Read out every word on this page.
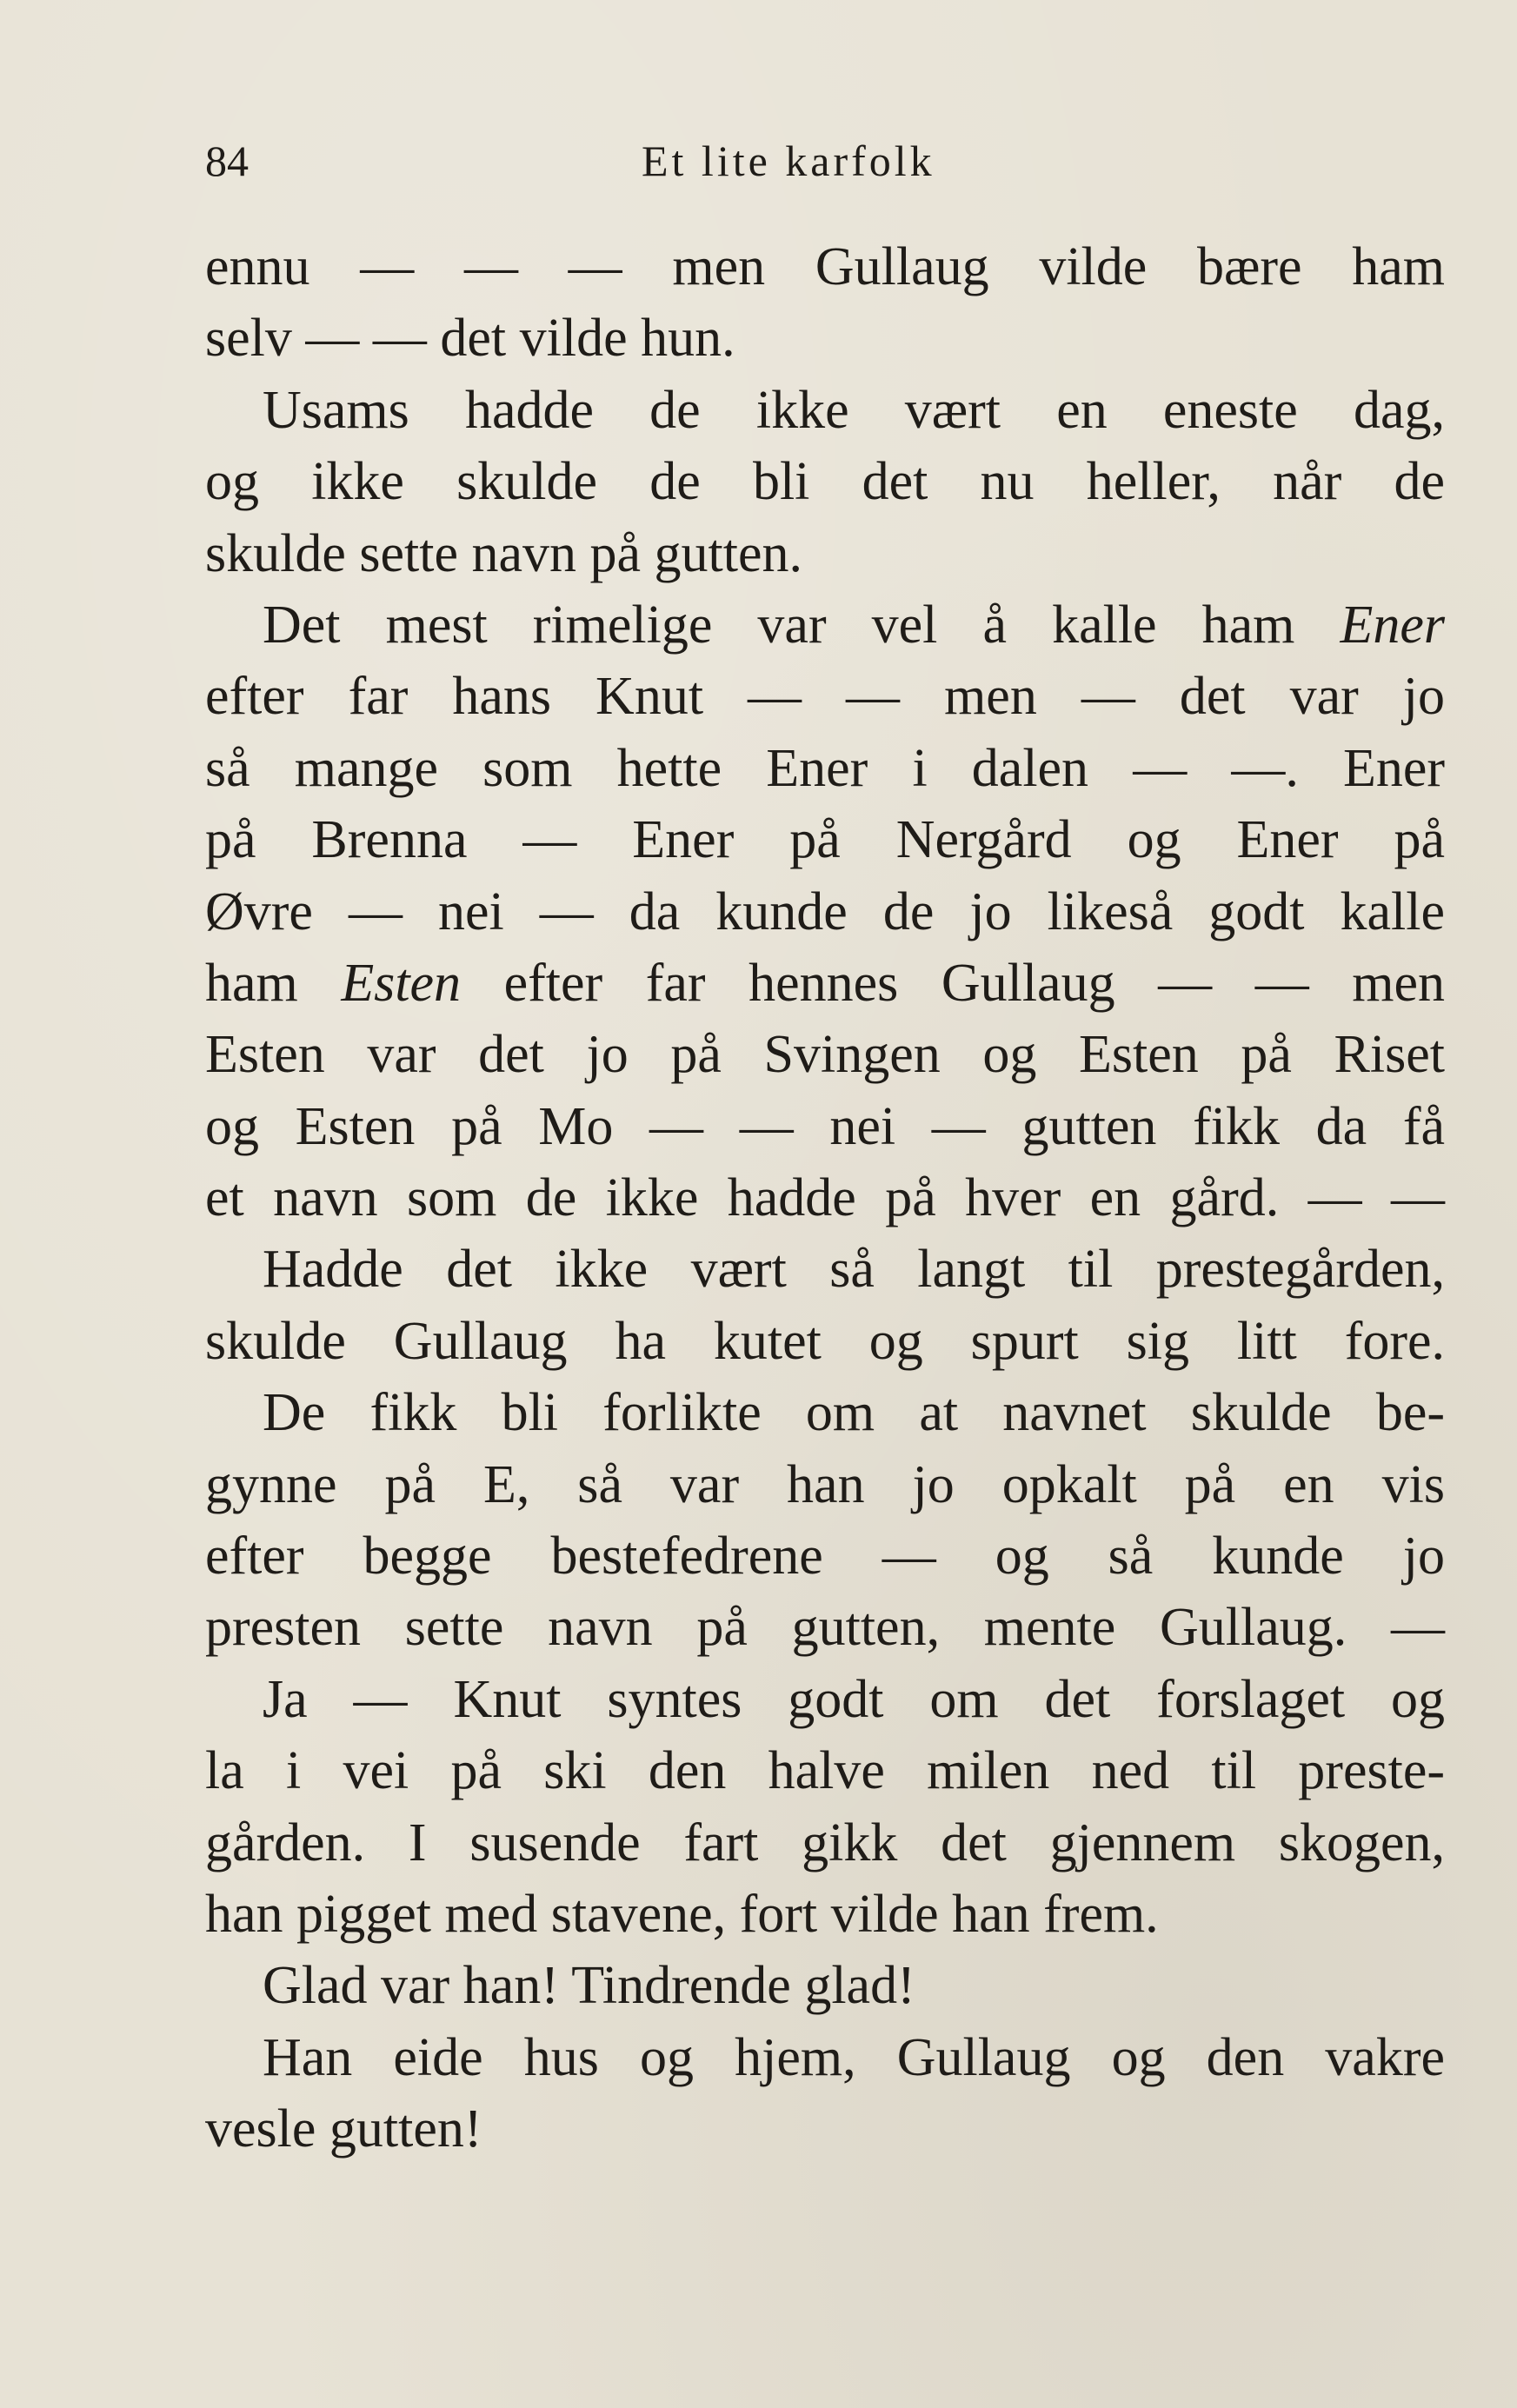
84	Et lite karfolk
ennu — — — men Gullaug vilde bære ham
selv — — det vilde hun.
Usams hadde de ikke vært en eneste dag,
og ikke skulde de bli det nu heller, når de
skulde sette navn på gutten.
Det mest rimelige var vel å kalle ham Ener
efter far hans Knut — — men — det var jo
så mange som hette Ener i dalen — —. Ener
på Brenna — Ener på Nergård og Ener på
Øvre — nei — da kunde de jo likeså godt kalle
ham Esten efter far hennes Gullaug — — men
Esten var det jo på Svingen og Esten på Riset
og Esten på Mo — — nei — gutten fikk da få
et navn som de ikke hadde på hver en gård. — —
Hadde det ikke vært så langt til prestegården,
skulde Gullaug ha kutet og spurt sig litt fore.
De fikk bli forlikte om at navnet skulde be-
gynne på E, så var han jo opkalt på en vis
efter begge bestefedrene — og så kunde jo
presten sette navn på gutten, mente Gullaug. —
Ja — Knut syntes godt om det forslaget og
la i vei på ski den halve milen ned til preste-
gården. I susende fart gikk det gjennem skogen,
han pigget med stavene, fort vilde han frem.
Glad var han! Tindrende glad!
Han eide hus og hjem, Gullaug og den vakre
vesle gutten!
